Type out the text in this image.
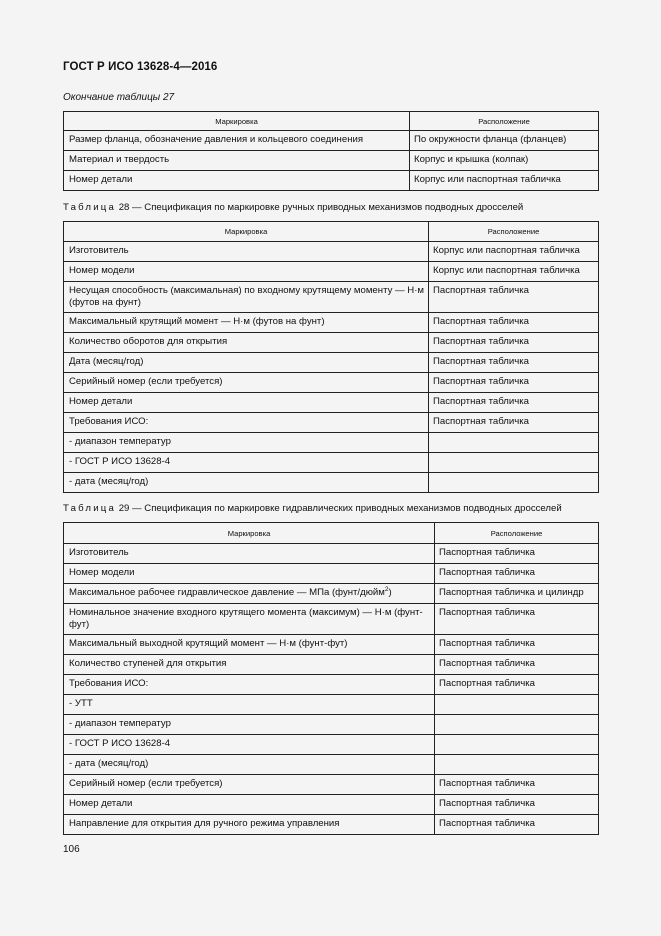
ГОСТ Р ИСО 13628-4—2016
Окончание таблицы 27
Маркировка	Расположение
Размер фланца, обозначение давления и кольцевого соединения	По окружности фланца (фланцев)
Материал и твердость	Корпус и крышка (колпак)
Номер детали	Корпус или паспортная табличка
Таблица 28 — Спецификация по маркировке ручных приводных механизмов подводных дросселей
Маркировка	Расположение
Изготовитель	Корпус или паспортная табличка
Номер модели	Корпус или паспортная табличка
Несущая способность (максимальная) по входному крутящему моменту — Н·м (футов на фунт)	Паспортная табличка
Максимальный крутящий момент — Н·м (футов на фунт)	Паспортная табличка
Количество оборотов для открытия	Паспортная табличка
Дата (месяц/год)	Паспортная табличка
Серийный номер (если требуется)	Паспортная табличка
Номер детали	Паспортная табличка
Требования ИСО:	Паспортная табличка
- диапазон температур	
- ГОСТ Р ИСО 13628-4	
- дата (месяц/год)	
Таблица 29 — Спецификация по маркировке гидравлических приводных механизмов подводных дросселей
Маркировка	Расположение
Изготовитель	Паспортная табличка
Номер модели	Паспортная табличка
Максимальное рабочее гидравлическое давление — МПа (фунт/дюйм$^2$)	Паспортная табличка и цилиндр
Номинальное значение входного крутящего момента (максимум) — Н·м (фунт-фут)	Паспортная табличка
Максимальный выходной крутящий момент — Н·м (фунт-фут)	Паспортная табличка
Количество ступеней для открытия	Паспортная табличка
Требования ИСО:	Паспортная табличка
- УТТ	
- диапазон температур	
- ГОСТ Р ИСО 13628-4	
- дата (месяц/год)	
Серийный номер (если требуется)	Паспортная табличка
Номер детали	Паспортная табличка
Направление для открытия для ручного режима управления	Паспортная табличка
106
